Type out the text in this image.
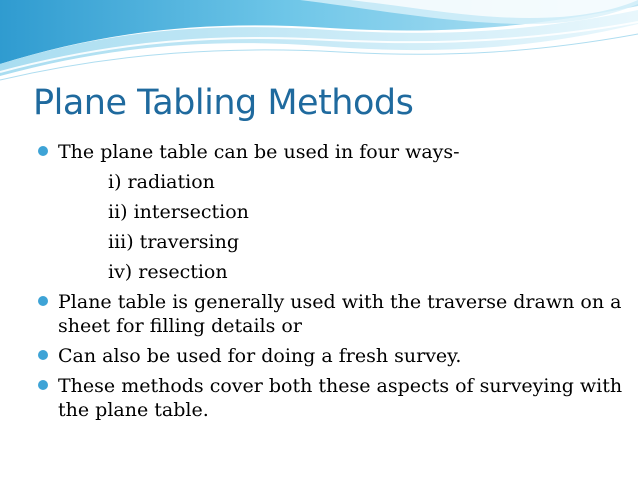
Plane Tabling Methods
The plane table can be used in four ways-
i) radiation
ii) intersection
iii) traversing
iv) resection
Plane table is generally used with the traverse drawn on a sheet for filling details or
Can also be used for doing a fresh survey.
These methods cover both these aspects of surveying with the plane table.
